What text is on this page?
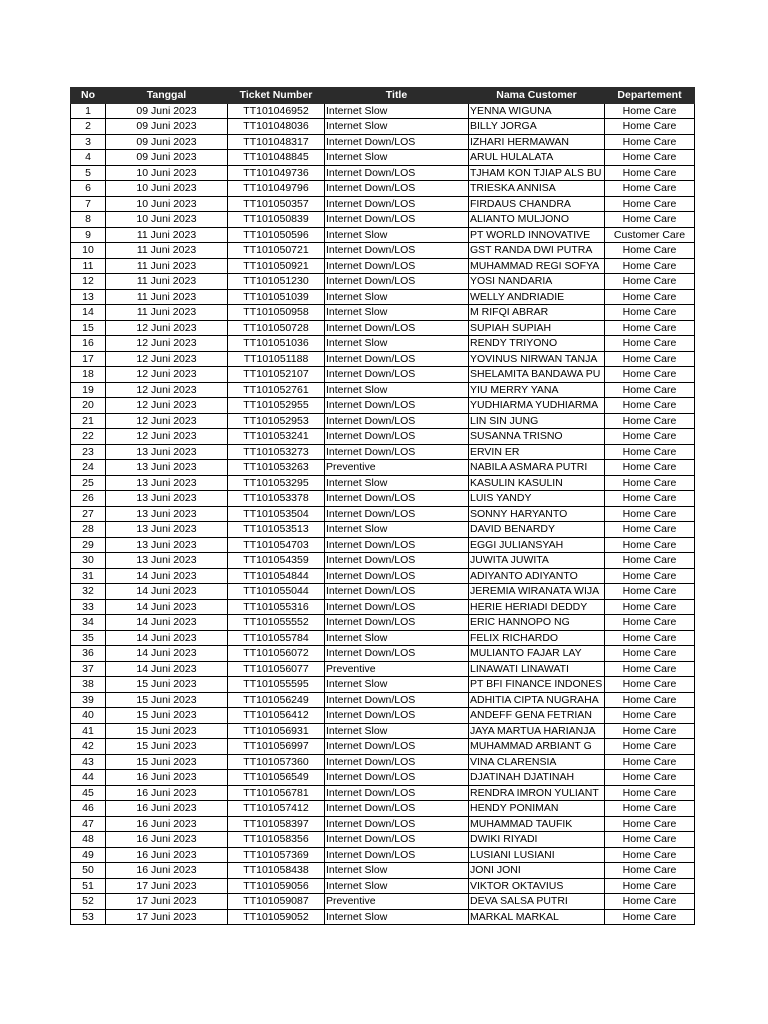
No	Tanggal	Ticket Number	Title	Nama Customer	Departement
1	09 Juni 2023	TT101046952	Internet Slow	YENNA WIGUNA	Home Care
2	09 Juni 2023	TT101048036	Internet Slow	BILLY JORGA	Home Care
3	09 Juni 2023	TT101048317	Internet Down/LOS	IZHARI HERMAWAN	Home Care
4	09 Juni 2023	TT101048845	Internet Slow	ARUL HULALATA	Home Care
5	10 Juni 2023	TT101049736	Internet Down/LOS	TJHAM KON TJIAP ALS BU	Home Care
6	10 Juni 2023	TT101049796	Internet Down/LOS	TRIESKA ANNISA	Home Care
7	10 Juni 2023	TT101050357	Internet Down/LOS	FIRDAUS CHANDRA	Home Care
8	10 Juni 2023	TT101050839	Internet Down/LOS	ALIANTO MULJONO	Home Care
9	11 Juni 2023	TT101050596	Internet Slow	PT WORLD INNOVATIVE	Customer Care
10	11 Juni 2023	TT101050721	Internet Down/LOS	GST RANDA DWI PUTRA	Home Care
11	11 Juni 2023	TT101050921	Internet Down/LOS	MUHAMMAD REGI SOFYA	Home Care
12	11 Juni 2023	TT101051230	Internet Down/LOS	YOSI NANDARIA	Home Care
13	11 Juni 2023	TT101051039	Internet Slow	WELLY ANDRIADIE	Home Care
14	11 Juni 2023	TT101050958	Internet Slow	M RIFQI ABRAR	Home Care
15	12 Juni 2023	TT101050728	Internet Down/LOS	SUPIAH SUPIAH	Home Care
16	12 Juni 2023	TT101051036	Internet Slow	RENDY TRIYONO	Home Care
17	12 Juni 2023	TT101051188	Internet Down/LOS	YOVINUS NIRWAN TANJA	Home Care
18	12 Juni 2023	TT101052107	Internet Down/LOS	SHELAMITA BANDAWA PU	Home Care
19	12 Juni 2023	TT101052761	Internet Slow	YIU MERRY YANA	Home Care
20	12 Juni 2023	TT101052955	Internet Down/LOS	YUDHIARMA YUDHIARMA	Home Care
21	12 Juni 2023	TT101052953	Internet Down/LOS	LIN SIN JUNG	Home Care
22	12 Juni 2023	TT101053241	Internet Down/LOS	SUSANNA TRISNO	Home Care
23	13 Juni 2023	TT101053273	Internet Down/LOS	ERVIN ER	Home Care
24	13 Juni 2023	TT101053263	Preventive	NABILA ASMARA PUTRI	Home Care
25	13 Juni 2023	TT101053295	Internet Slow	KASULIN KASULIN	Home Care
26	13 Juni 2023	TT101053378	Internet Down/LOS	LUIS YANDY	Home Care
27	13 Juni 2023	TT101053504	Internet Down/LOS	SONNY HARYANTO	Home Care
28	13 Juni 2023	TT101053513	Internet Slow	DAVID BENARDY	Home Care
29	13 Juni 2023	TT101054703	Internet Down/LOS	EGGI JULIANSYAH	Home Care
30	13 Juni 2023	TT101054359	Internet Down/LOS	JUWITA JUWITA	Home Care
31	14 Juni 2023	TT101054844	Internet Down/LOS	ADIYANTO ADIYANTO	Home Care
32	14 Juni 2023	TT101055044	Internet Down/LOS	JEREMIA WIRANATA WIJA	Home Care
33	14 Juni 2023	TT101055316	Internet Down/LOS	HERIE HERIADI DEDDY	Home Care
34	14 Juni 2023	TT101055552	Internet Down/LOS	ERIC HANNOPO NG	Home Care
35	14 Juni 2023	TT101055784	Internet Slow	FELIX RICHARDO	Home Care
36	14 Juni 2023	TT101056072	Internet Down/LOS	MULIANTO FAJAR LAY	Home Care
37	14 Juni 2023	TT101056077	Preventive	LINAWATI LINAWATI	Home Care
38	15 Juni 2023	TT101055595	Internet Slow	PT BFI FINANCE INDONES	Home Care
39	15 Juni 2023	TT101056249	Internet Down/LOS	ADHITIA CIPTA NUGRAHA	Home Care
40	15 Juni 2023	TT101056412	Internet Down/LOS	ANDEFF GENA FETRIAN	Home Care
41	15 Juni 2023	TT101056931	Internet Slow	JAYA MARTUA HARIANJA	Home Care
42	15 Juni 2023	TT101056997	Internet Down/LOS	MUHAMMAD ARBIANT G	Home Care
43	15 Juni 2023	TT101057360	Internet Down/LOS	VINA CLARENSIA	Home Care
44	16 Juni 2023	TT101056549	Internet Down/LOS	DJATINAH DJATINAH	Home Care
45	16 Juni 2023	TT101056781	Internet Down/LOS	RENDRA IMRON YULIANT	Home Care
46	16 Juni 2023	TT101057412	Internet Down/LOS	HENDY PONIMAN	Home Care
47	16 Juni 2023	TT101058397	Internet Down/LOS	MUHAMMAD TAUFIK	Home Care
48	16 Juni 2023	TT101058356	Internet Down/LOS	DWIKI RIYADI	Home Care
49	16 Juni 2023	TT101057369	Internet Down/LOS	LUSIANI LUSIANI	Home Care
50	16 Juni 2023	TT101058438	Internet Slow	JONI JONI	Home Care
51	17 Juni 2023	TT101059056	Internet Slow	VIKTOR OKTAVIUS	Home Care
52	17 Juni 2023	TT101059087	Preventive	DEVA SALSA PUTRI	Home Care
53	17 Juni 2023	TT101059052	Internet Slow	MARKAL MARKAL	Home Care
